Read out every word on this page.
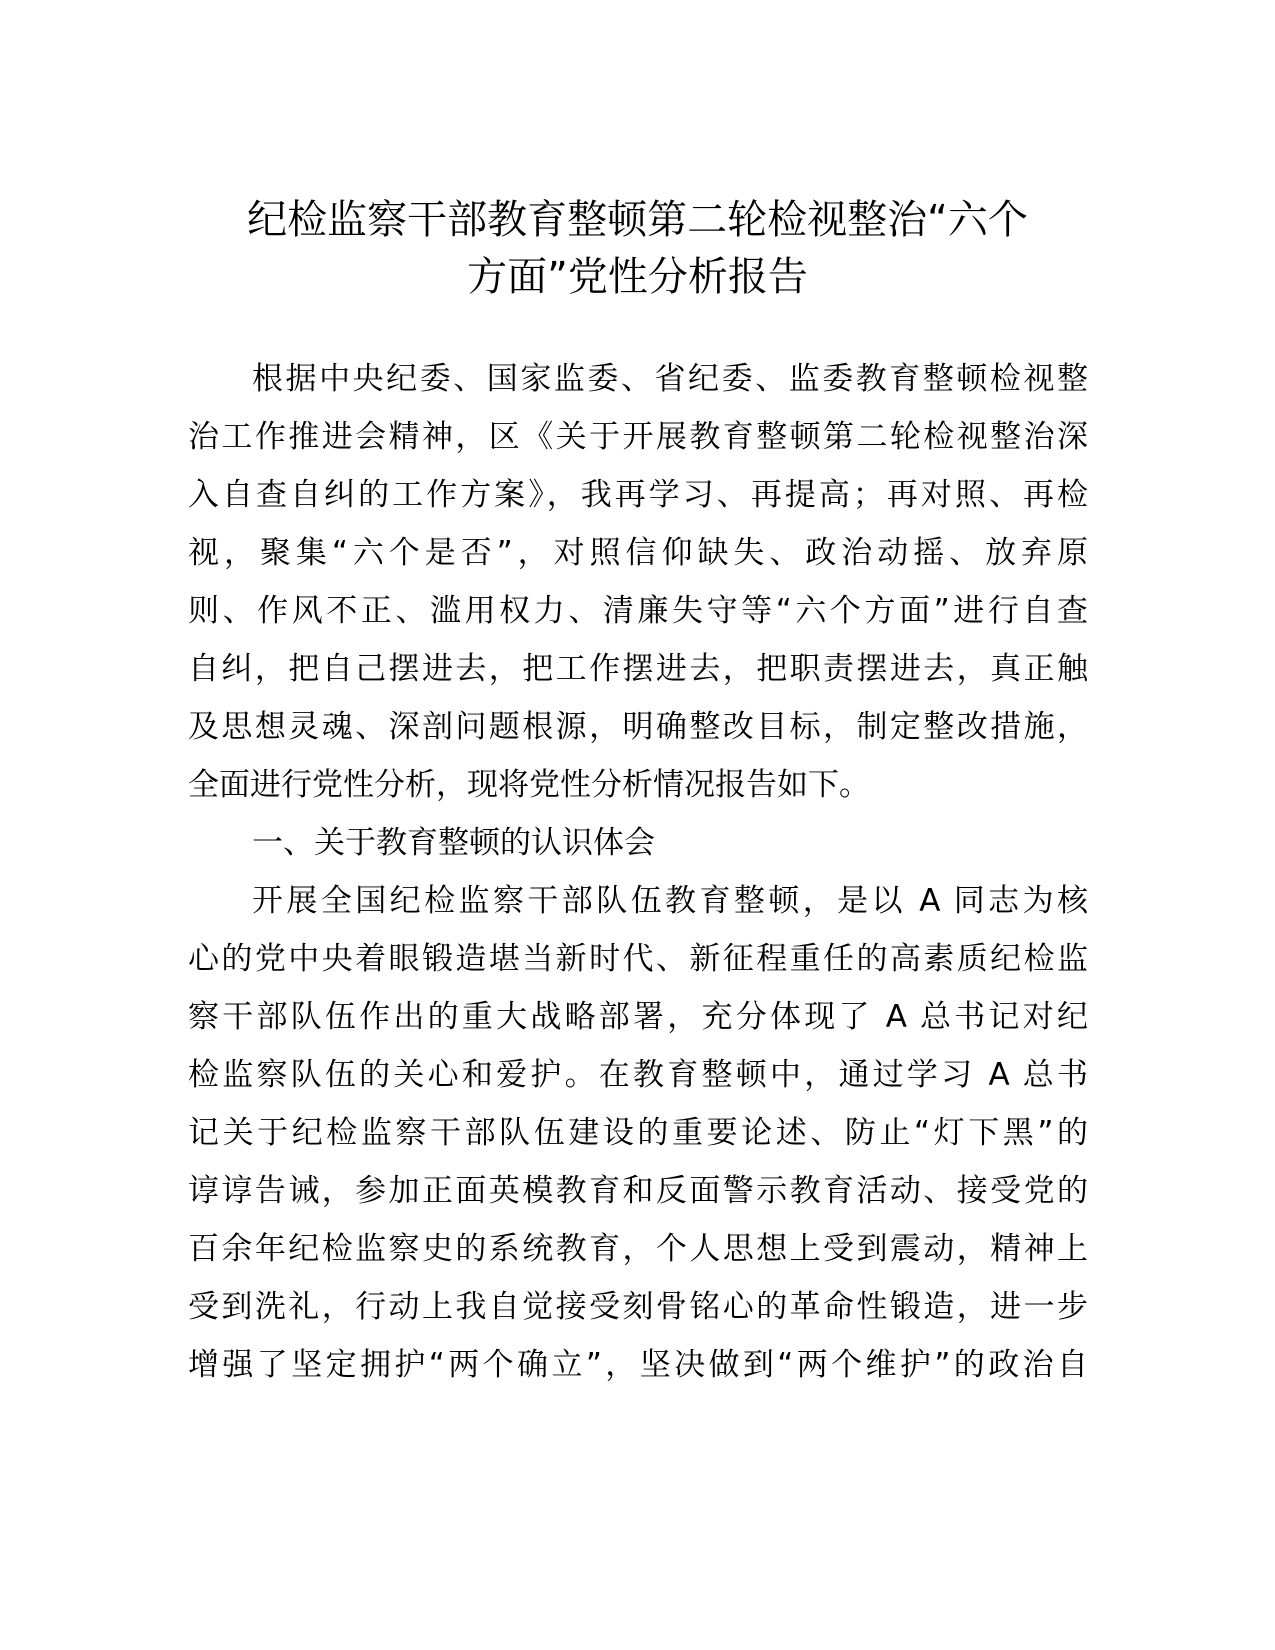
纪检监察干部教育整顿第二轮检视整治“六个
方面”党性分析报告
根据中央纪委、国家监委、省纪委、监委教育整顿检视整
治工作推进会精神，区《关于开展教育整顿第二轮检视整治深
入自查自纠的工作方案》，我再学习、再提高；再对照、再检
视，聚集“六个是否”，对照信仰缺失、政治动摇、放弃原
则、作风不正、滥用权力、清廉失守等“六个方面”进行自查
自纠，把自己摆进去，把工作摆进去，把职责摆进去，真正触
及思想灵魂、深剖问题根源，明确整改目标，制定整改措施，
全面进行党性分析，现将党性分析情况报告如下。
一、关于教育整顿的认识体会
开展全国纪检监察干部队伍教育整顿，是以 A 同志为核
心的党中央着眼锻造堪当新时代、新征程重任的高素质纪检监
察干部队伍作出的重大战略部署，充分体现了 A 总书记对纪
检监察队伍的关心和爱护。在教育整顿中，通过学习 A 总书
记关于纪检监察干部队伍建设的重要论述、防止“灯下黑”的
谆谆告诫，参加正面英模教育和反面警示教育活动、接受党的
百余年纪检监察史的系统教育，个人思想上受到震动，精神上
受到洗礼，行动上我自觉接受刻骨铭心的革命性锻造，进一步
增强了坚定拥护“两个确立”，坚决做到“两个维护”的政治自
